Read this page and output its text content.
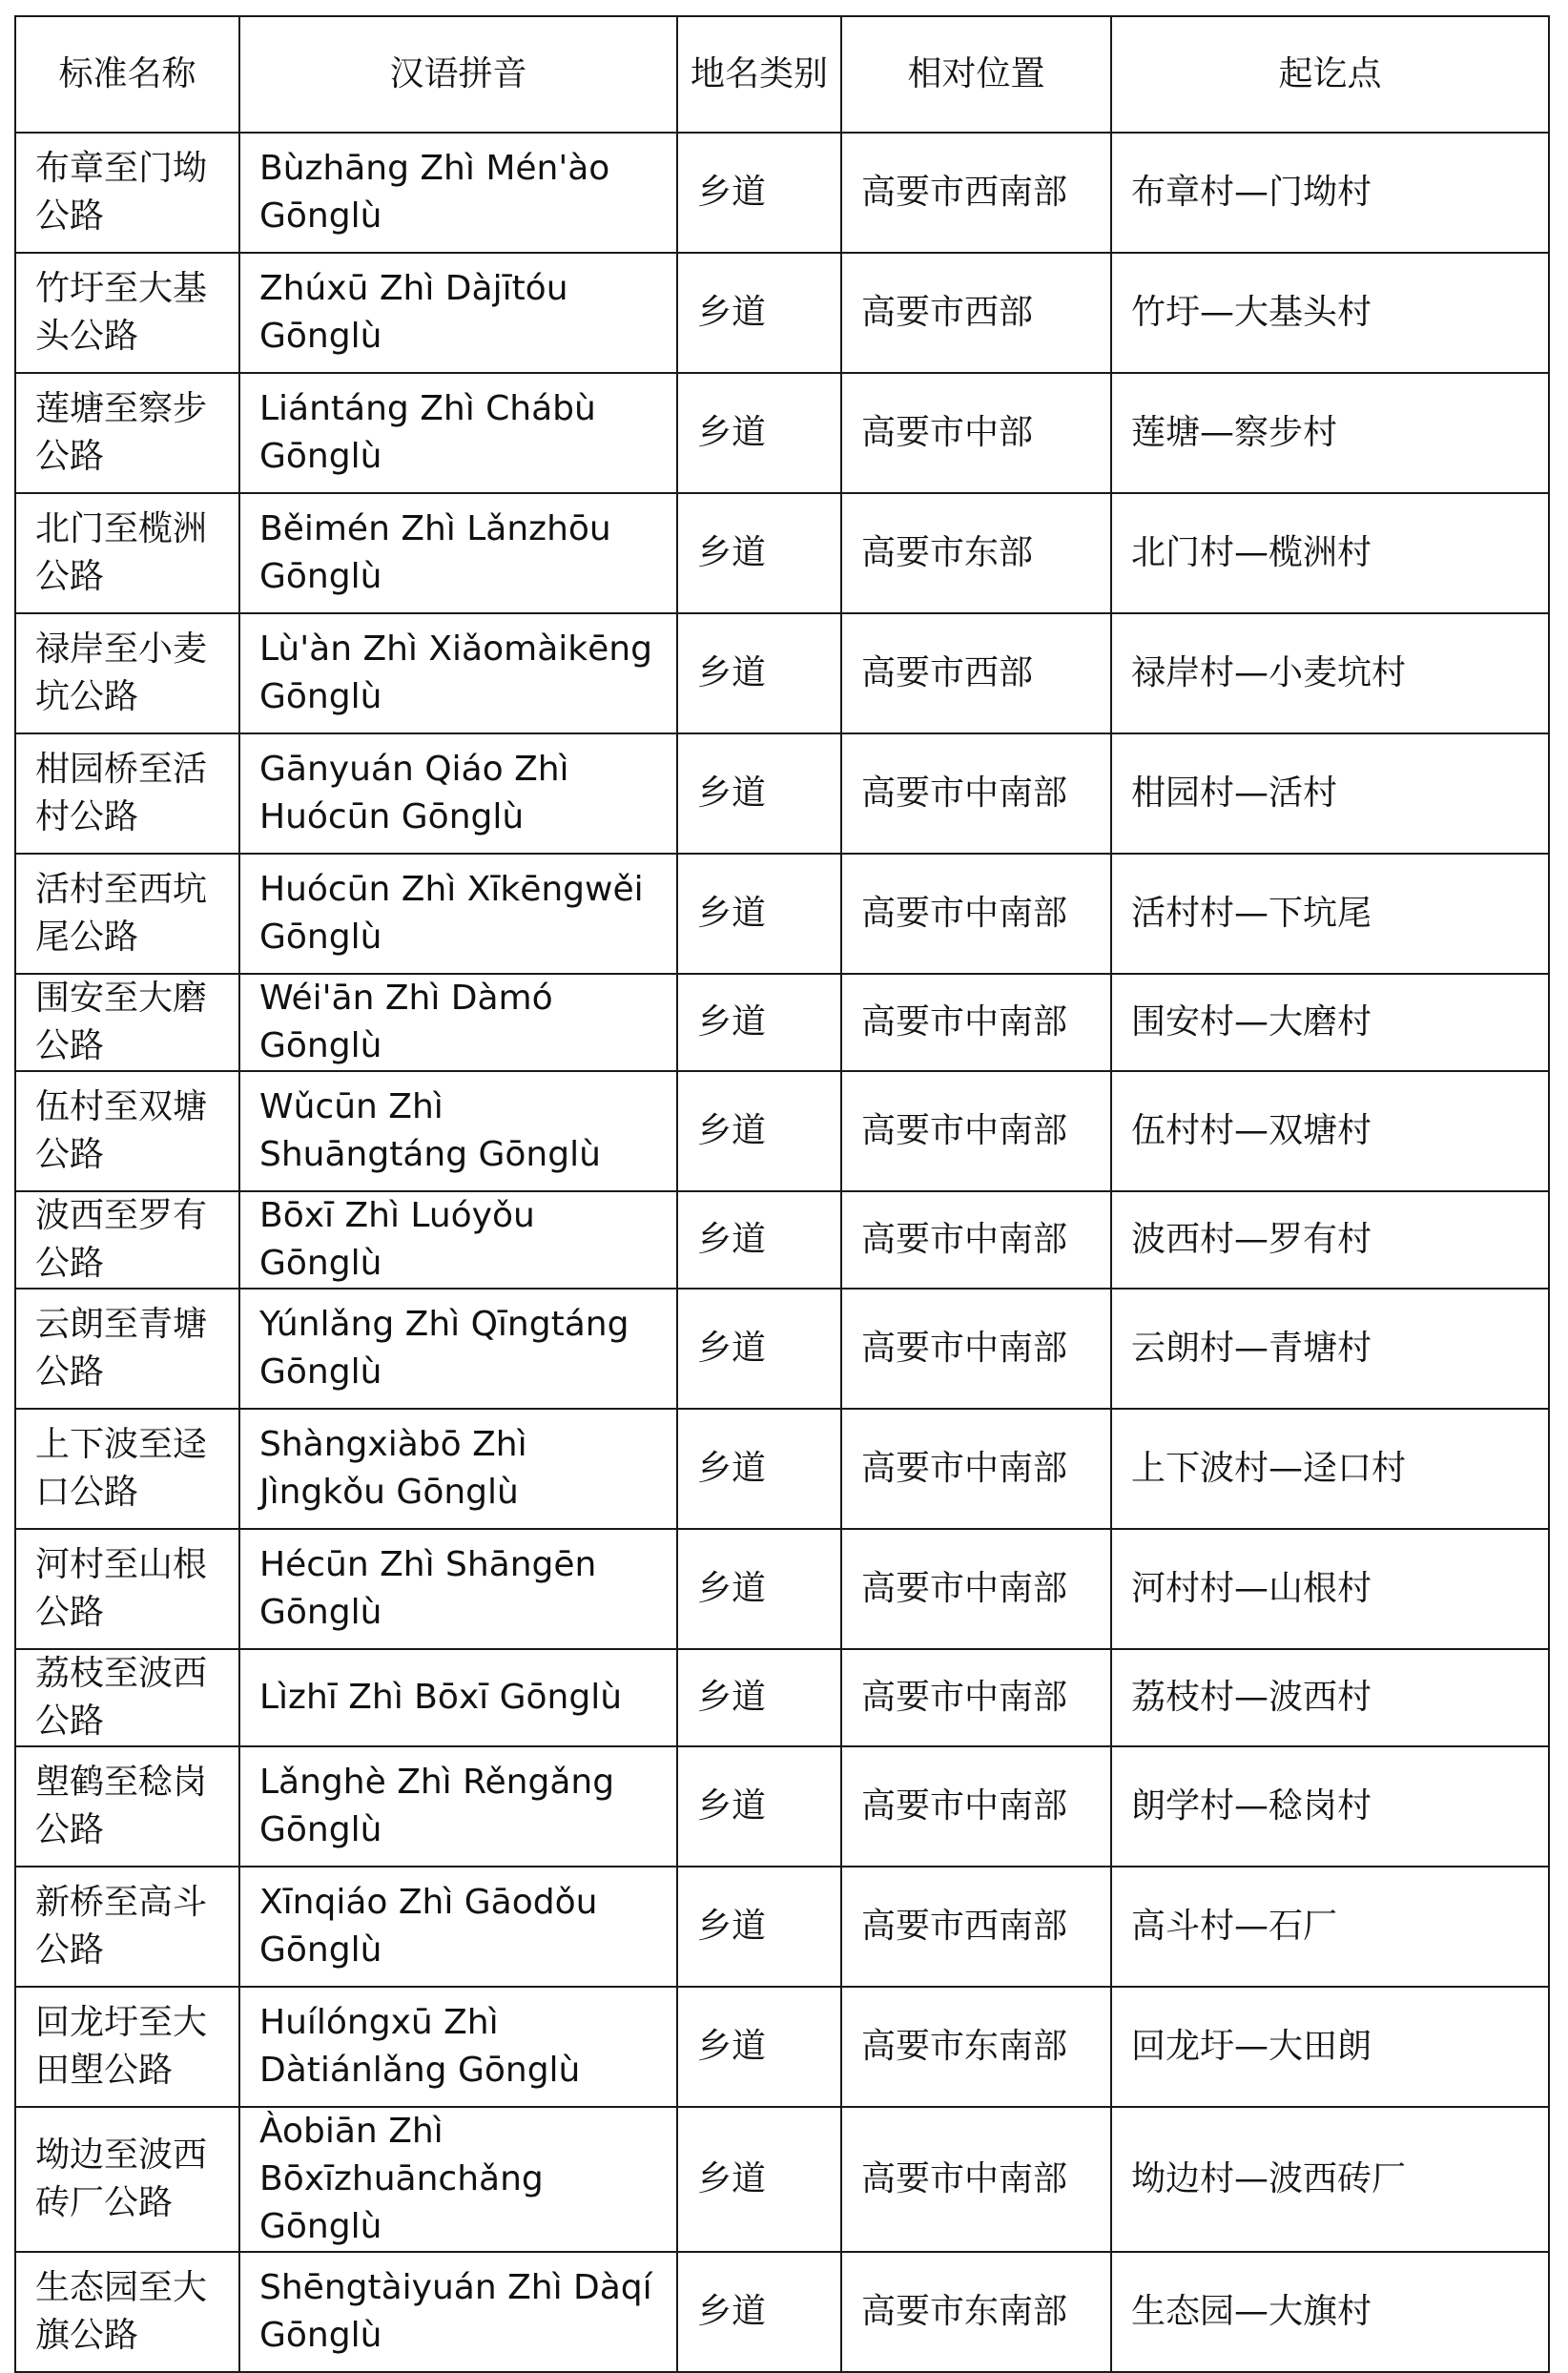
标准名称	汉语拼音	地名类别	相对位置	起讫点
布章至门坳公路	Bùzhāng Zhì Mén'ào Gōnglù	乡道	高要市西南部	布章村—门坳村
竹圩至大基头公路	Zhúxū Zhì Dàjītóu Gōnglù	乡道	高要市西部	竹圩—大基头村
莲塘至察步公路	Liántáng Zhì Chábù Gōnglù	乡道	高要市中部	莲塘—察步村
北门至榄洲公路	Běimén Zhì Lǎnzhōu Gōnglù	乡道	高要市东部	北门村—榄洲村
禄岸至小麦坑公路	Lù'àn Zhì Xiǎomàikēng Gōnglù	乡道	高要市西部	禄岸村—小麦坑村
柑园桥至活村公路	Gānyuán Qiáo Zhì Huócūn Gōnglù	乡道	高要市中南部	柑园村—活村
活村至西坑尾公路	Huócūn Zhì Xīkēngwěi Gōnglù	乡道	高要市中南部	活村村—下坑尾
围安至大磨公路	Wéi'ān Zhì Dàmó Gōnglù	乡道	高要市中南部	围安村—大磨村
伍村至双塘公路	Wǔcūn Zhì Shuāngtáng Gōnglù	乡道	高要市中南部	伍村村—双塘村
波西至罗有公路	Bōxī Zhì Luóyǒu Gōnglù	乡道	高要市中南部	波西村—罗有村
云朗至青塘公路	Yúnlǎng Zhì Qīngtáng Gōnglù	乡道	高要市中南部	云朗村—青塘村
上下波至迳口公路	Shàngxiàbō Zhì Jìngkǒu Gōnglù	乡道	高要市中南部	上下波村—迳口村
河村至山根公路	Hécūn Zhì Shāngēn Gōnglù	乡道	高要市中南部	河村村—山根村
荔枝至波西公路	Lìzhī Zhì Bōxī Gōnglù	乡道	高要市中南部	荔枝村—波西村
塱鹤至稔岗公路	Lǎnghè Zhì Rěngǎng Gōnglù	乡道	高要市中南部	朗学村—稔岗村
新桥至高斗公路	Xīnqiáo Zhì Gāodǒu Gōnglù	乡道	高要市西南部	高斗村—石厂
回龙圩至大田塱公路	Huílóngxū Zhì Dàtiánlǎng Gōnglù	乡道	高要市东南部	回龙圩—大田朗
坳边至波西砖厂公路	Àobiān Zhì Bōxīzhuānchǎng Gōnglù	乡道	高要市中南部	坳边村—波西砖厂
生态园至大旗公路	Shēngtàiyuán Zhì Dàqí Gōnglù	乡道	高要市东南部	生态园—大旗村
